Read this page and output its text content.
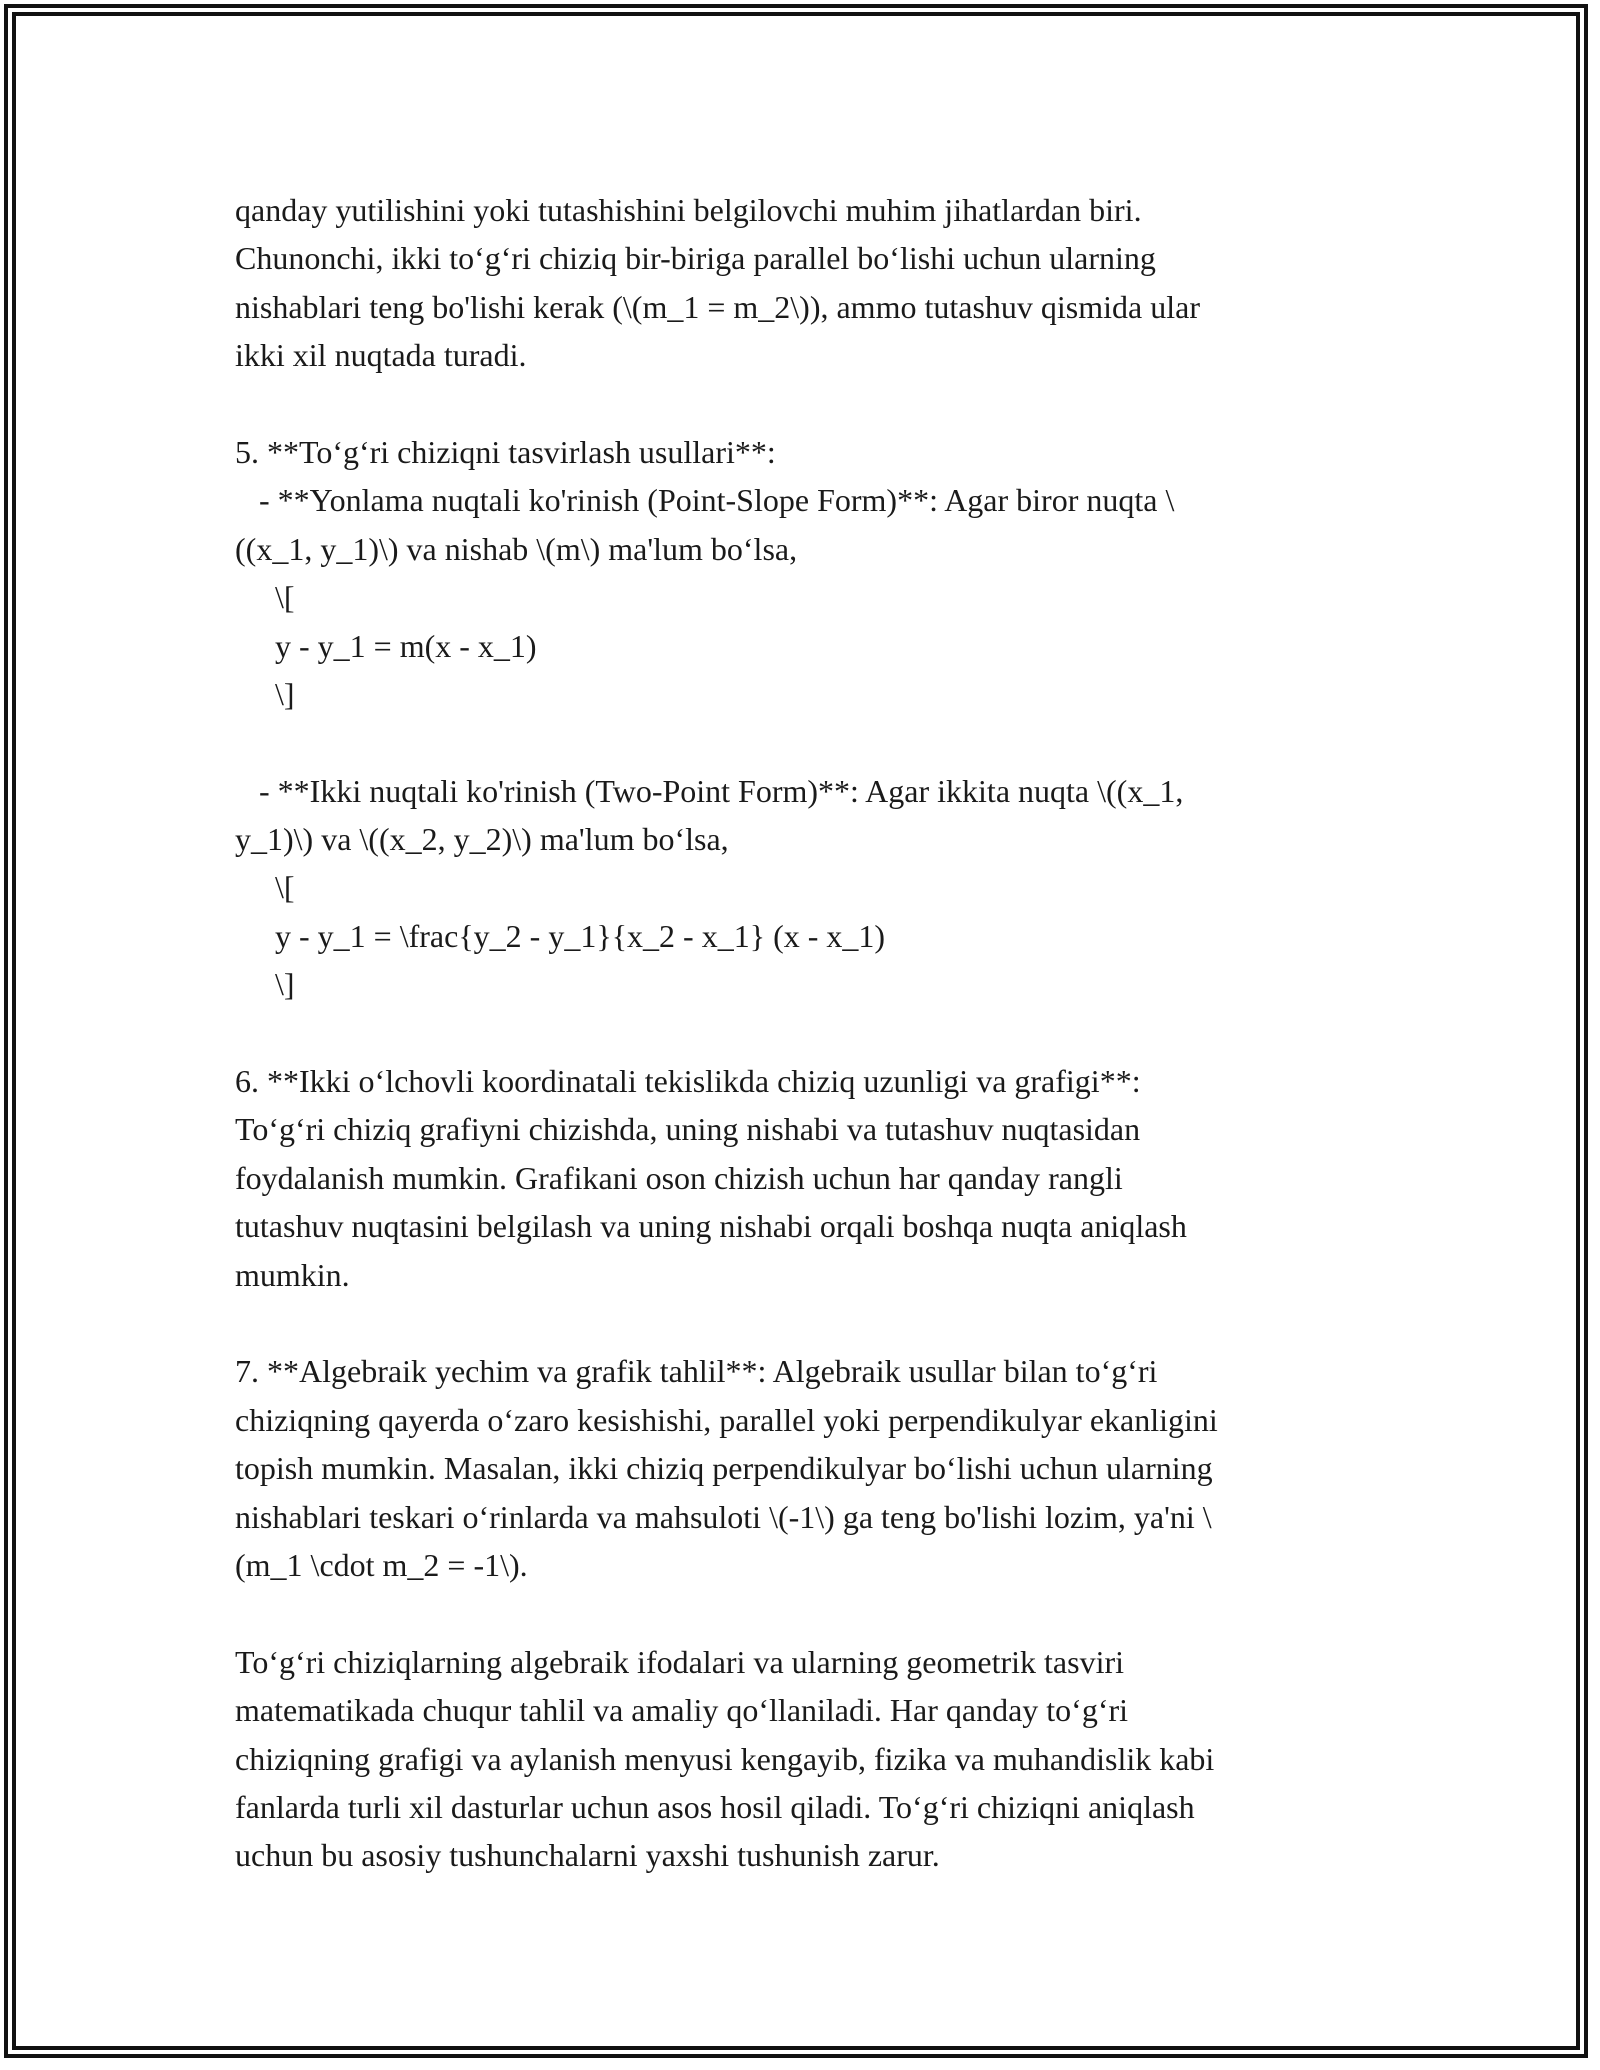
qanday yutilishini yoki tutashishini belgilovchi muhim jihatlardan biri.
Chunonchi, ikki to‘g‘ri chiziq bir-biriga parallel bo‘lishi uchun ularning
nishablari teng bo'lishi kerak (\(m_1 = m_2\)), ammo tutashuv qismida ular
ikki xil nuqtada turadi.
5. **To‘g‘ri chiziqni tasvirlash usullari**:
- **Yonlama nuqtali ko'rinish (Point-Slope Form)**: Agar biror nuqta \
((x_1, y_1)\) va nishab \(m\) ma'lum bo‘lsa,
\[
y - y_1 = m(x - x_1)
\]
- **Ikki nuqtali ko'rinish (Two-Point Form)**: Agar ikkita nuqta \((x_1,
y_1)\) va \((x_2, y_2)\) ma'lum bo‘lsa,
\[
y - y_1 = \frac{y_2 - y_1}{x_2 - x_1} (x - x_1)
\]
6. **Ikki o‘lchovli koordinatali tekislikda chiziq uzunligi va grafigi**:
To‘g‘ri chiziq grafiyni chizishda, uning nishabi va tutashuv nuqtasidan
foydalanish mumkin. Grafikani oson chizish uchun har qanday rangli
tutashuv nuqtasini belgilash va uning nishabi orqali boshqa nuqta aniqlash
mumkin.
7. **Algebraik yechim va grafik tahlil**: Algebraik usullar bilan to‘g‘ri
chiziqning qayerda o‘zaro kesishishi, parallel yoki perpendikulyar ekanligini
topish mumkin. Masalan, ikki chiziq perpendikulyar bo‘lishi uchun ularning
nishablari teskari o‘rinlarda va mahsuloti \(-1\) ga teng bo'lishi lozim, ya'ni \
(m_1 \cdot m_2 = -1\).
To‘g‘ri chiziqlarning algebraik ifodalari va ularning geometrik tasviri
matematikada chuqur tahlil va amaliy qo‘llaniladi. Har qanday to‘g‘ri
chiziqning grafigi va aylanish menyusi kengayib, fizika va muhandislik kabi
fanlarda turli xil dasturlar uchun asos hosil qiladi. To‘g‘ri chiziqni aniqlash
uchun bu asosiy tushunchalarni yaxshi tushunish zarur.
